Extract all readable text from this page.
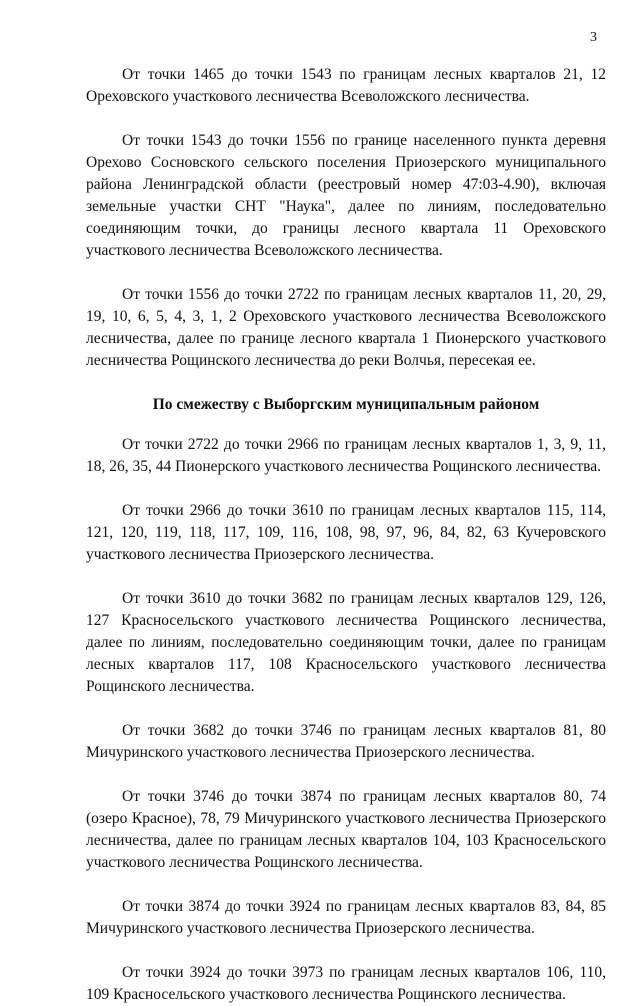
3

От точки 1465 до точки 1543 по границам лесных кварталов 21, 12 Ореховского участкового лесничества Всеволожского лесничества.

От точки 1543 до точки 1556 по границе населенного пункта деревня Орехово Сосновского сельского поселения Приозерского муниципального района Ленинградской области (реестровый номер 47:03-4.90), включая земельные участки СНТ "Наука", далее по линиям, последовательно соединяющим точки, до границы лесного квартала 11 Ореховского участкового лесничества Всеволожского лесничества.

От точки 1556 до точки 2722 по границам лесных кварталов 11, 20, 29, 19, 10, 6, 5, 4, 3, 1, 2 Ореховского участкового лесничества Всеволожского лесничества, далее по границе лесного квартала 1 Пионерского участкового лесничества Рощинского лесничества до реки Волчья, пересекая ее.

По смежеству с Выборгским муниципальным районом

От точки 2722 до точки 2966 по границам лесных кварталов 1, 3, 9, 11, 18, 26, 35, 44 Пионерского участкового лесничества Рощинского лесничества.

От точки 2966 до точки 3610 по границам лесных кварталов 115, 114, 121, 120, 119, 118, 117, 109, 116, 108, 98, 97, 96, 84, 82, 63 Кучеровского участкового лесничества Приозерского лесничества.

От точки 3610 до точки 3682 по границам лесных кварталов 129, 126, 127 Красносельского участкового лесничества Рощинского лесничества, далее по линиям, последовательно соединяющим точки, далее по границам лесных кварталов 117, 108 Красносельского участкового лесничества Рощинского лесничества.

От точки 3682 до точки 3746 по границам лесных кварталов 81, 80 Мичуринского участкового лесничества Приозерского лесничества.

От точки 3746 до точки 3874 по границам лесных кварталов 80, 74 (озеро Красное), 78, 79 Мичуринского участкового лесничества Приозерского лесничества, далее по границам лесных кварталов 104, 103 Красносельского участкового лесничества Рощинского лесничества.

От точки 3874 до точки 3924 по границам лесных кварталов 83, 84, 85 Мичуринского участкового лесничества Приозерского лесничества.

От точки 3924 до точки 3973 по границам лесных кварталов 106, 110, 109 Красносельского участкового лесничества Рощинского лесничества.
